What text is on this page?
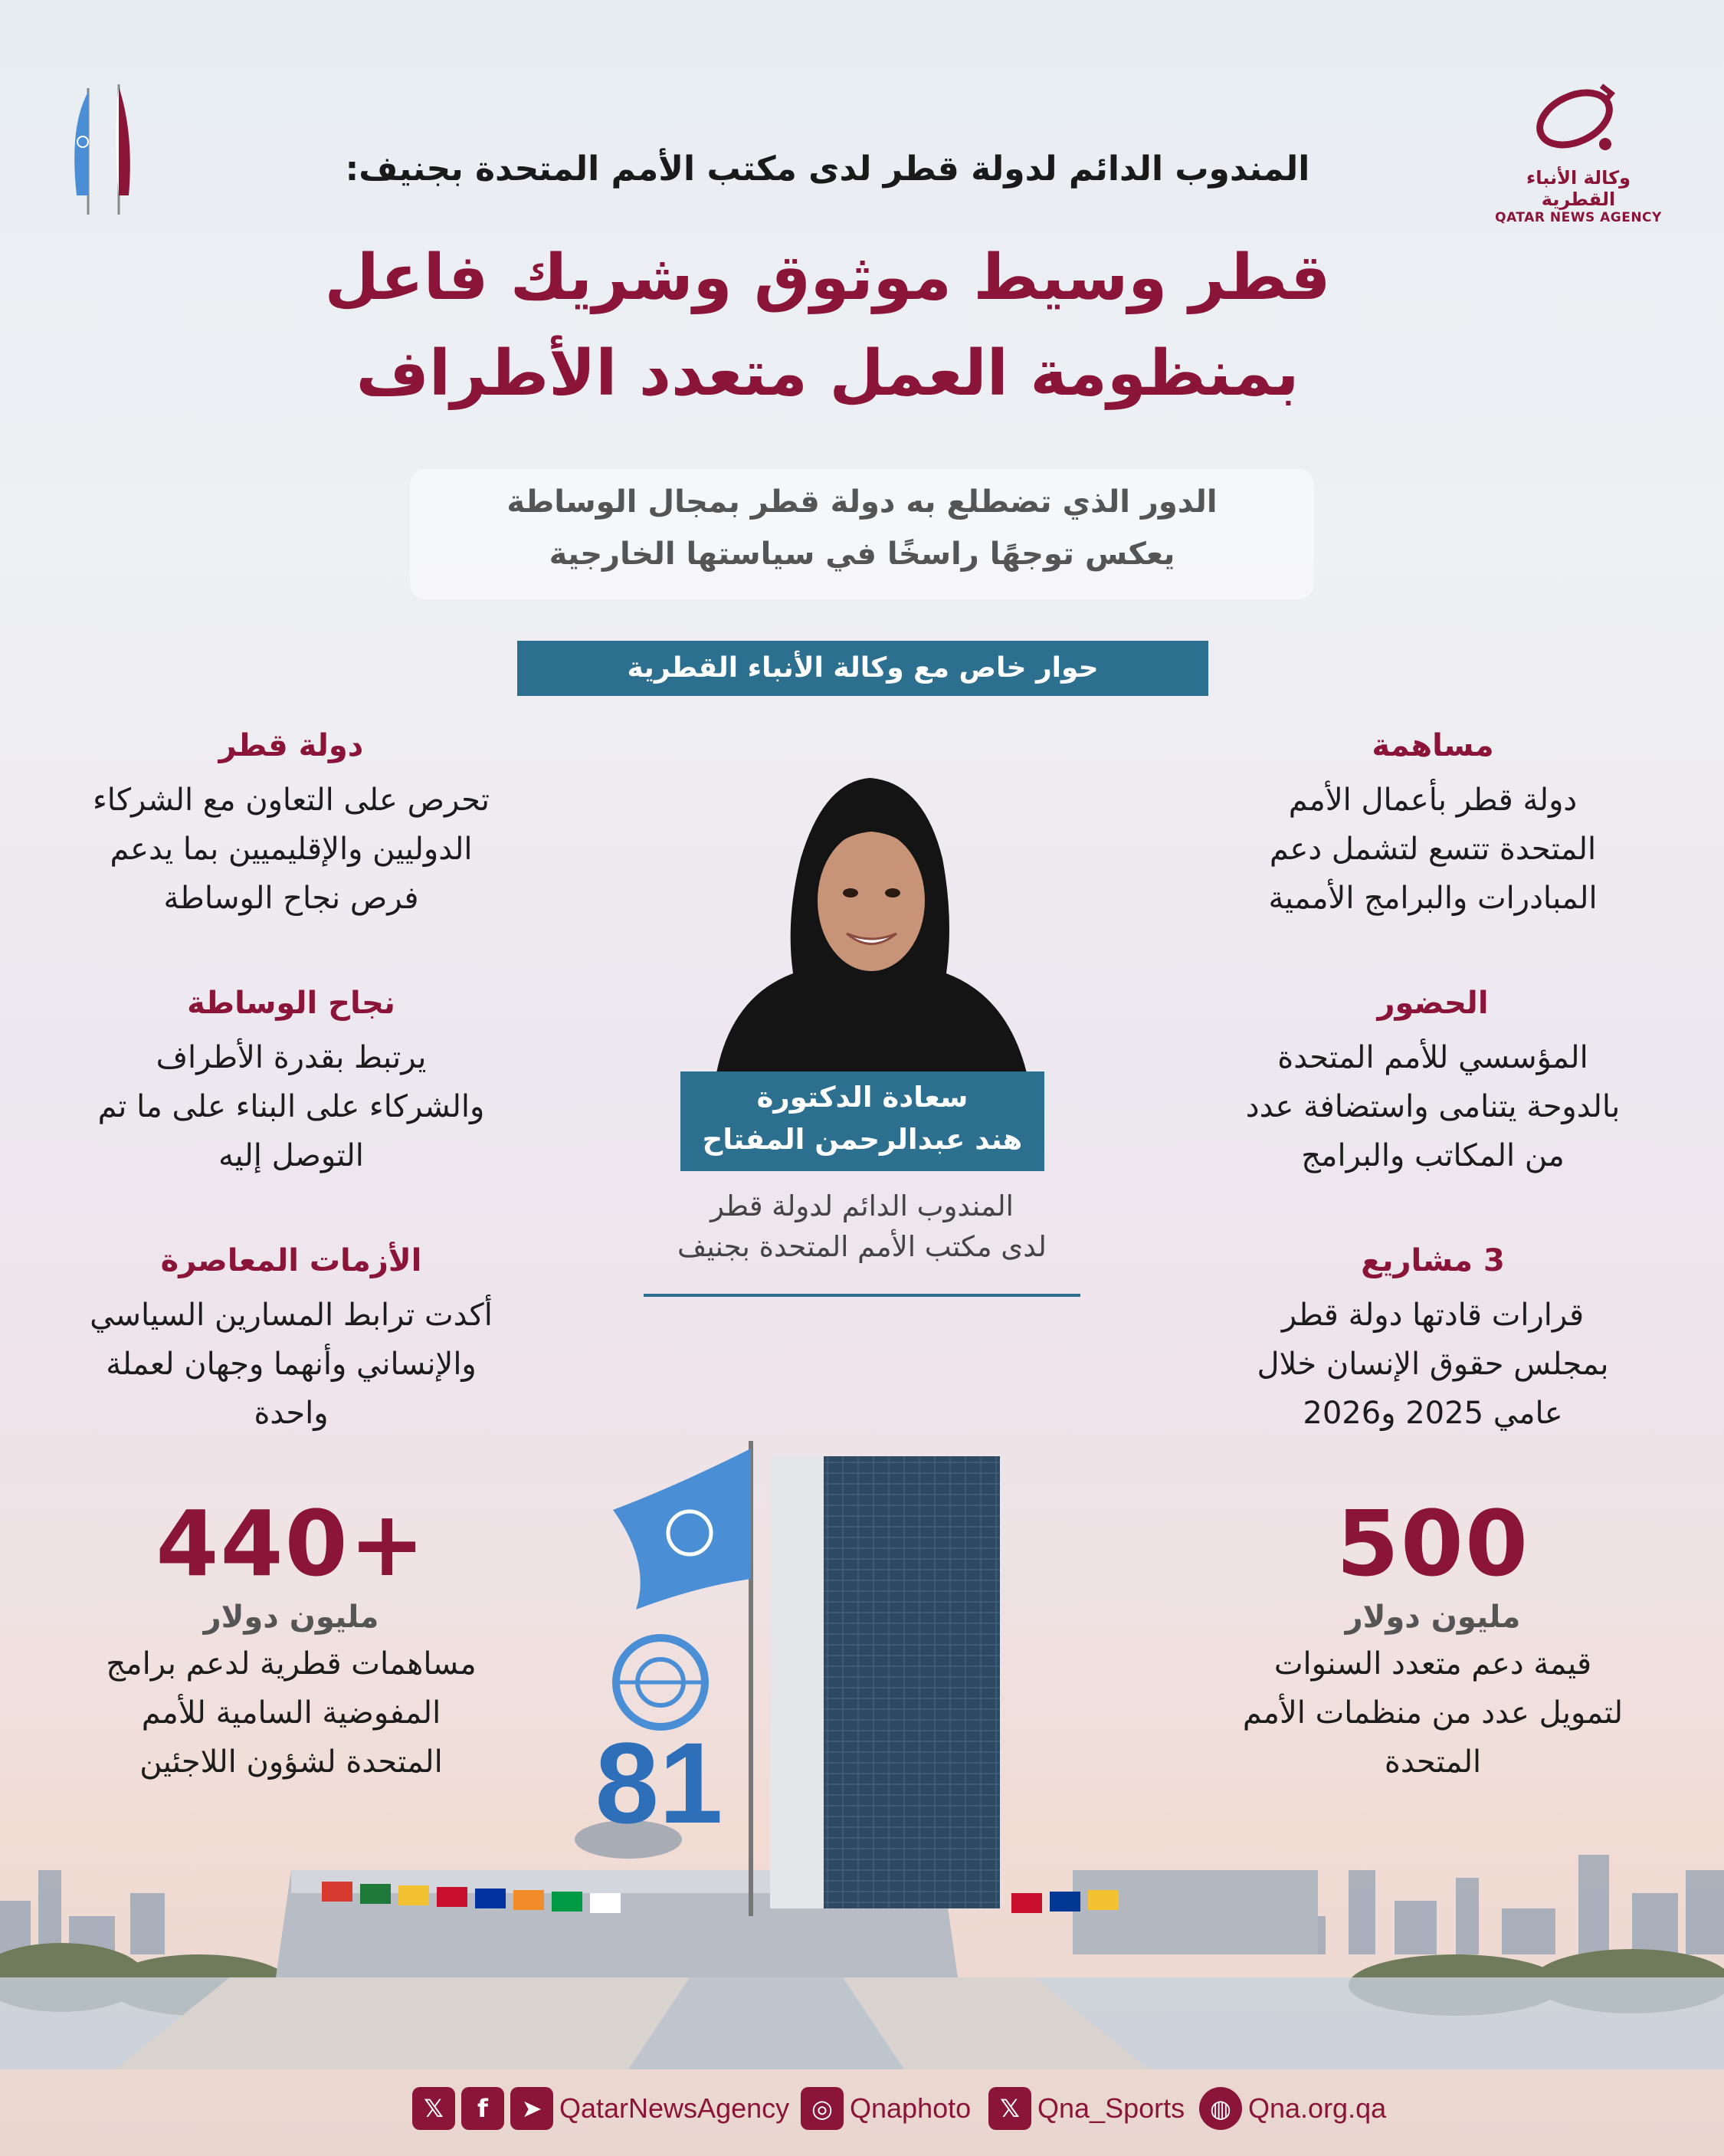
وكالة الأنباء القطرية
QATAR NEWS AGENCY
المندوب الدائم لدولة قطر لدى مكتب الأمم المتحدة بجنيف:
قطر وسيط موثوق وشريك فاعل
بمنظومة العمل متعدد الأطراف
الدور الذي تضطلع به دولة قطر بمجال الوساطة
يعكس توجهًا راسخًا في سياستها الخارجية
حوار خاص مع وكالة الأنباء القطرية
مساهمة
دولة قطر بأعمال الأمم
المتحدة تتسع لتشمل دعم
المبادرات والبرامج الأممية
الحضور
المؤسسي للأمم المتحدة
بالدوحة يتنامى واستضافة عدد
من المكاتب والبرامج
3 مشاريع
قرارات قادتها دولة قطر
بمجلس حقوق الإنسان خلال
عامي 2025 و2026
دولة قطر
تحرص على التعاون مع الشركاء
الدوليين والإقليميين بما يدعم
فرص نجاح الوساطة
نجاح الوساطة
يرتبط بقدرة الأطراف
والشركاء على البناء على ما تم
التوصل إليه
الأزمات المعاصرة
أكدت ترابط المسارين السياسي
والإنساني وأنهما وجهان لعملة
واحدة
سعادة الدكتورة
هند عبدالرحمن المفتاح
المندوب الدائم لدولة قطر
لدى مكتب الأمم المتحدة بجنيف
81
500
مليون دولار
قيمة دعم متعدد السنوات
لتمويل عدد من منظمات الأمم
المتحدة
440+
مليون دولار
مساهمات قطرية لدعم برامج
المفوضية السامية للأمم
المتحدة لشؤون اللاجئين
𝕏	f	➤ QatarNewsAgency ◎ Qnaphoto	𝕏 Qna_Sports	◍ Qna.org.qa
